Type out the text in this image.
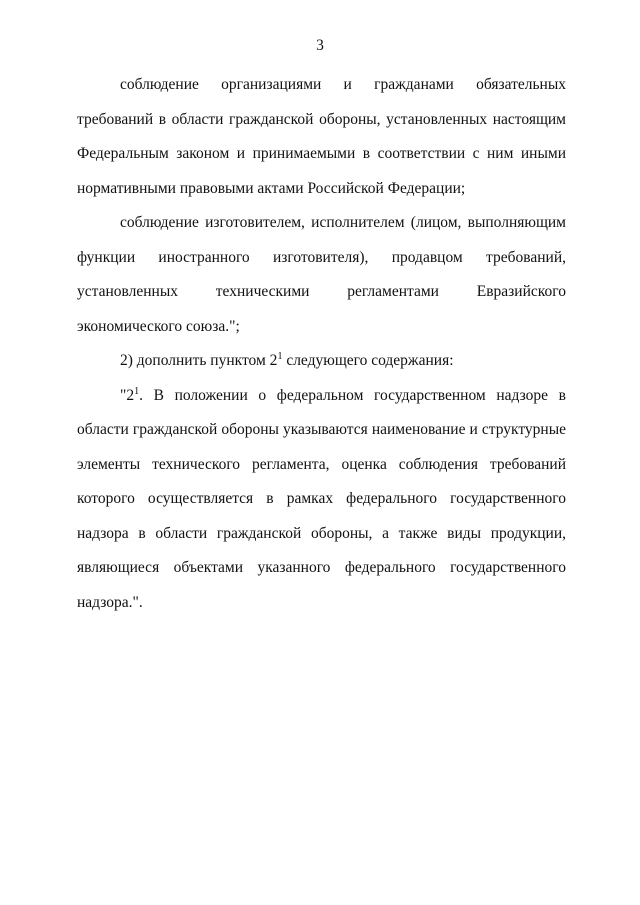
3

соблюдение организациями и гражданами обязательных требований в области гражданской обороны, установленных настоящим Федеральным законом и принимаемыми в соответствии с ним иными нормативными правовыми актами Российской Федерации;

соблюдение изготовителем, исполнителем (лицом, выполняющим функции иностранного изготовителя), продавцом требований, установленных техническими регламентами Евразийского экономического союза.";

2) дополнить пунктом $2^1$ следующего содержания:

"$2^1$. В положении о федеральном государственном надзоре в области гражданской обороны указываются наименование и структурные элементы технического регламента, оценка соблюдения требований которого осуществляется в рамках федерального государственного надзора в области гражданской обороны, а также виды продукции, являющиеся объектами указанного федерального государственного надзора.".
